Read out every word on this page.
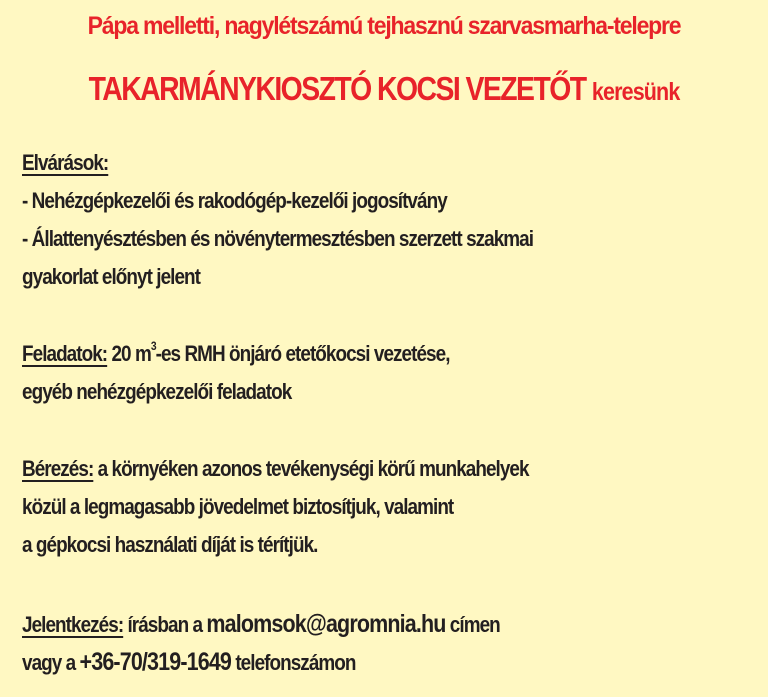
Pápa melletti, nagylétszámú tejhasznú szarvasmarha-telepre
TAKARMÁNYKIOSZTÓ KOCSI VEZETŐT keresünk
Elvárások:
- Nehézgépkezelői és rakodógép-kezelői jogosítvány
- Állattenyésztésben és növénytermesztésben szerzett szakmai
gyakorlat előnyt jelent
Feladatok: 20 $m^3-es$ RMH önjáró etetőkocsi vezetése,
egyéb nehézgépkezelői feladatok
Bérezés: a környéken azonos tevékenységi körű munkahelyek
közül a legmagasabb jövedelmet biztosítjuk, valamint
a gépkocsi használati díját is térítjük.
Jelentkezés: írásban a malomsok@agromnia.hu címen
vagy a +36-70/319-1649 telefonszámon
